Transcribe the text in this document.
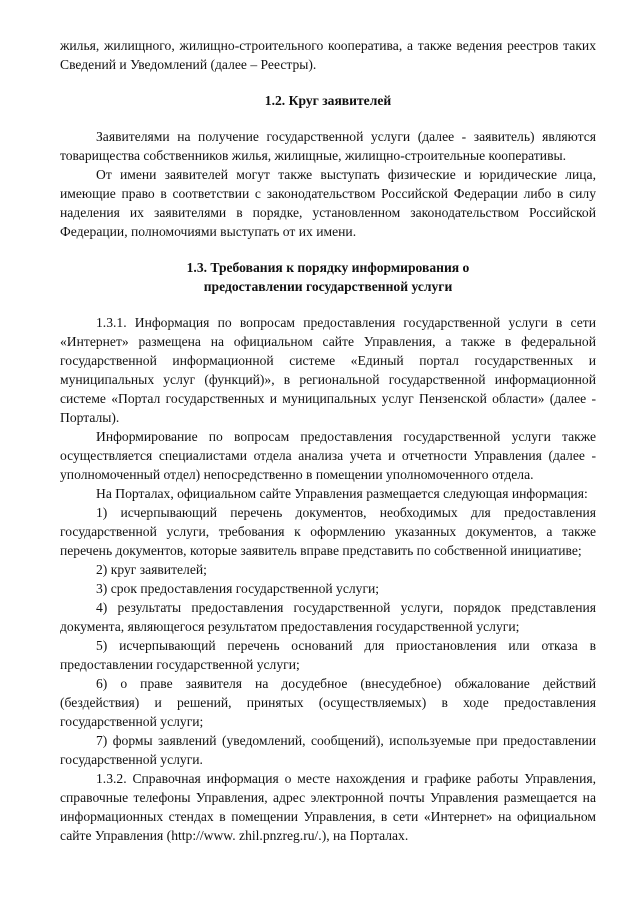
жилья, жилищного, жилищно-строительного кооператива, а также ведения реестров таких Сведений и Уведомлений (далее – Реестры).

1.2. Круг заявителей

Заявителями на получение государственной услуги (далее - заявитель) являются товарищества собственников жилья, жилищные, жилищно-строительные кооперативы.

От имени заявителей могут также выступать физические и юридические лица, имеющие право в соответствии с законодательством Российской Федерации либо в силу наделения их заявителями в порядке, установленном законодательством Российской Федерации, полномочиями выступать от их имени.

1.3. Требования к порядку информирования о

предоставлении государственной услуги

1.3.1. Информация по вопросам предоставления государственной услуги в сети «Интернет» размещена на официальном сайте Управления, а также в федеральной государственной информационной системе «Единый портал государственных и муниципальных услуг (функций)», в региональной государственной информационной системе «Портал государственных и муниципальных услуг Пензенской области» (далее - Порталы).

Информирование по вопросам предоставления государственной услуги также осуществляется специалистами отдела анализа учета и отчетности Управления (далее - уполномоченный отдел) непосредственно в помещении уполномоченного отдела.

На Порталах, официальном сайте Управления размещается следующая информация:

1) исчерпывающий перечень документов, необходимых для предоставления государственной услуги, требования к оформлению указанных документов, а также перечень документов, которые заявитель вправе представить по собственной инициативе;

2) круг заявителей;

3) срок предоставления государственной услуги;

4) результаты предоставления государственной услуги, порядок представления документа, являющегося результатом предоставления государственной услуги;

5) исчерпывающий перечень оснований для приостановления или отказа в предоставлении государственной услуги;

6) о праве заявителя на досудебное (внесудебное) обжалование действий (бездействия) и решений, принятых (осуществляемых) в ходе предоставления государственной услуги;

7) формы заявлений (уведомлений, сообщений), используемые при предоставлении государственной услуги.

1.3.2. Справочная информация о месте нахождения и графике работы Управления, справочные телефоны Управления, адрес электронной почты Управления размещается на информационных стендах в помещении Управления, в сети «Интернет» на официальном сайте Управления (http://www. zhil.pnzreg.ru/.), на Порталах.
